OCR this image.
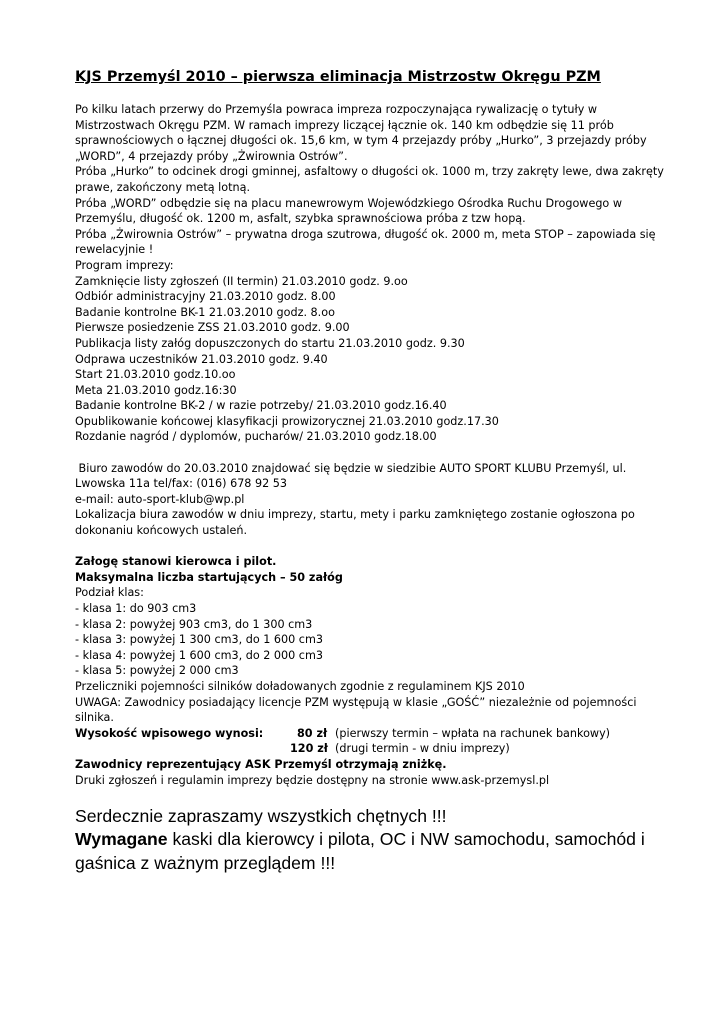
KJS Przemyśl 2010 – pierwsza eliminacja Mistrzostw Okręgu PZM

Po kilku latach przerwy do Przemyśla powraca impreza rozpoczynająca rywalizację o tytuły w

Mistrzostwach Okręgu PZM. W ramach imprezy liczącej łącznie ok. 140 km odbędzie się 11 prób

sprawnościowych o łącznej długości ok. 15,6 km, w tym 4 przejazdy próby „Hurko”, 3 przejazdy próby

„WORD”, 4 przejazdy próby „Żwirownia Ostrów”.

Próba „Hurko” to odcinek drogi gminnej, asfaltowy o długości ok. 1000 m, trzy zakręty lewe, dwa zakręty

prawe, zakończony metą lotną.

Próba „WORD” odbędzie się na placu manewrowym Wojewódzkiego Ośrodka Ruchu Drogowego w

Przemyślu, długość ok. 1200 m, asfalt, szybka sprawnościowa próba z tzw hopą.

Próba „Żwirownia Ostrów” – prywatna droga szutrowa, długość ok. 2000 m, meta STOP – zapowiada się

rewelacyjnie !

Program imprezy:

Zamknięcie listy zgłoszeń (II termin) 21.03.2010 godz. 9.oo

Odbiór administracyjny 21.03.2010 godz. 8.00

Badanie kontrolne BK-1 21.03.2010 godz. 8.oo

Pierwsze posiedzenie ZSS 21.03.2010 godz. 9.00

Publikacja listy załóg dopuszczonych do startu 21.03.2010 godz. 9.30

Odprawa uczestników 21.03.2010 godz. 9.40

Start 21.03.2010 godz.10.oo

Meta 21.03.2010 godz.16:30

Badanie kontrolne BK-2 / w razie potrzeby/ 21.03.2010 godz.16.40

Opublikowanie końcowej klasyfikacji prowizorycznej 21.03.2010 godz.17.30

Rozdanie nagród / dyplomów, pucharów/ 21.03.2010 godz.18.00

Biuro zawodów do 20.03.2010 znajdować się będzie w siedzibie AUTO SPORT KLUBU Przemyśl, ul.

Lwowska 11a tel/fax: (016) 678 92 53

e-mail: auto-sport-klub@wp.pl

Lokalizacja biura zawodów w dniu imprezy, startu, mety i parku zamkniętego zostanie ogłoszona po

dokonaniu końcowych ustaleń.

Załogę stanowi kierowca i pilot.

Maksymalna liczba startujących – 50 załóg

Podział klas:

- klasa 1: do 903 cm3

- klasa 2: powyżej 903 cm3, do 1 300 cm3

- klasa 3: powyżej 1 300 cm3, do 1 600 cm3

- klasa 4: powyżej 1 600 cm3, do 2 000 cm3

- klasa 5: powyżej 2 000 cm3

Przeliczniki pojemności silników doładowanych zgodnie z regulaminem KJS 2010

UWAGA: Zawodnicy posiadający licencje PZM występują w klasie „GOŚĆ” niezależnie od pojemności

silnika.

Wysokość wpisowego wynosi:	80 zł (pierwszy termin – wpłata na rachunek bankowy)

120 zł (drugi termin - w dniu imprezy)

Zawodnicy reprezentujący ASK Przemyśl otrzymają zniżkę.

Druki zgłoszeń i regulamin imprezy będzie dostępny na stronie www.ask-przemysl.pl

Serdecznie zapraszamy wszystkich chętnych !!!
Wymagane kaski dla kierowcy i pilota, OC i NW samochodu, samochód i
gaśnica z ważnym przeglądem !!!
